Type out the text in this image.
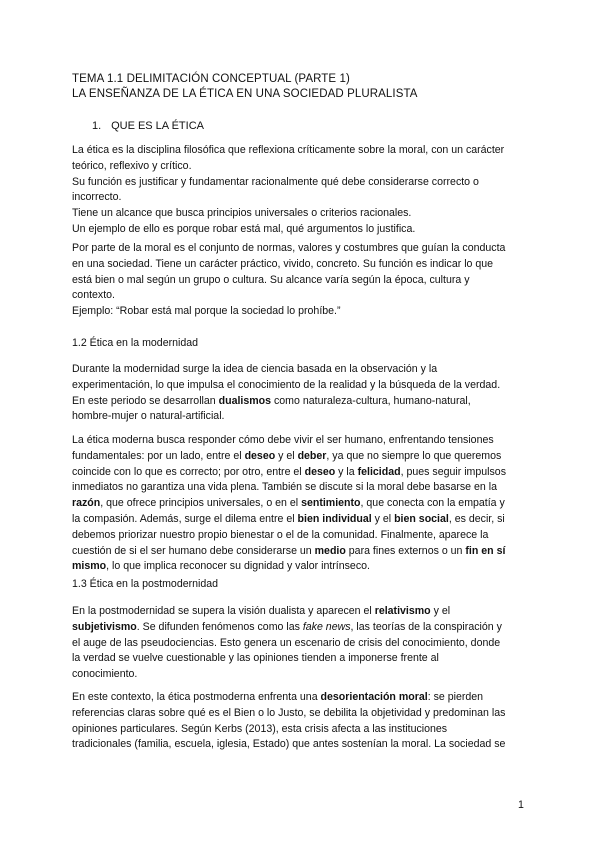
TEMA 1.1 DELIMITACIÓN CONCEPTUAL (PARTE 1)
LA ENSEÑANZA DE LA ÉTICA EN UNA SOCIEDAD PLURALISTA
1. QUE ES LA ÉTICA
La ética es la disciplina filosófica que reflexiona críticamente sobre la moral, con un carácter
teórico, reflexivo y crítico.
Su función es justificar y fundamentar racionalmente qué debe considerarse correcto o
incorrecto.
Tiene un alcance que busca principios universales o criterios racionales.
Un ejemplo de ello es porque robar está mal, qué argumentos lo justifica.
Por parte de la moral es el conjunto de normas, valores y costumbres que guían la conducta
en una sociedad. Tiene un carácter práctico, vivido, concreto. Su función es indicar lo que
está bien o mal según un grupo o cultura. Su alcance varía según la época, cultura y
contexto.
Ejemplo: “Robar está mal porque la sociedad lo prohíbe.”
1.2 Ética en la modernidad
Durante la modernidad surge la idea de ciencia basada en la observación y la
experimentación, lo que impulsa el conocimiento de la realidad y la búsqueda de la verdad.
En este periodo se desarrollan dualismos como naturaleza-cultura, humano-natural,
hombre-mujer o natural-artificial.
La ética moderna busca responder cómo debe vivir el ser humano, enfrentando tensiones
fundamentales: por un lado, entre el deseo y el deber, ya que no siempre lo que queremos
coincide con lo que es correcto; por otro, entre el deseo y la felicidad, pues seguir impulsos
inmediatos no garantiza una vida plena. También se discute si la moral debe basarse en la
razón, que ofrece principios universales, o en el sentimiento, que conecta con la empatía y
la compasión. Además, surge el dilema entre el bien individual y el bien social, es decir, si
debemos priorizar nuestro propio bienestar o el de la comunidad. Finalmente, aparece la
cuestión de si el ser humano debe considerarse un medio para fines externos o un fin en sí
mismo, lo que implica reconocer su dignidad y valor intrínseco.
1.3 Ética en la postmodernidad
En la postmodernidad se supera la visión dualista y aparecen el relativismo y el
subjetivismo. Se difunden fenómenos como las fake news, las teorías de la conspiración y
el auge de las pseudociencias. Esto genera un escenario de crisis del conocimiento, donde
la verdad se vuelve cuestionable y las opiniones tienden a imponerse frente al
conocimiento.
En este contexto, la ética postmoderna enfrenta una desorientación moral: se pierden
referencias claras sobre qué es el Bien o lo Justo, se debilita la objetividad y predominan las
opiniones particulares. Según Kerbs (2013), esta crisis afecta a las instituciones
tradicionales (familia, escuela, iglesia, Estado) que antes sostenían la moral. La sociedad se
1
